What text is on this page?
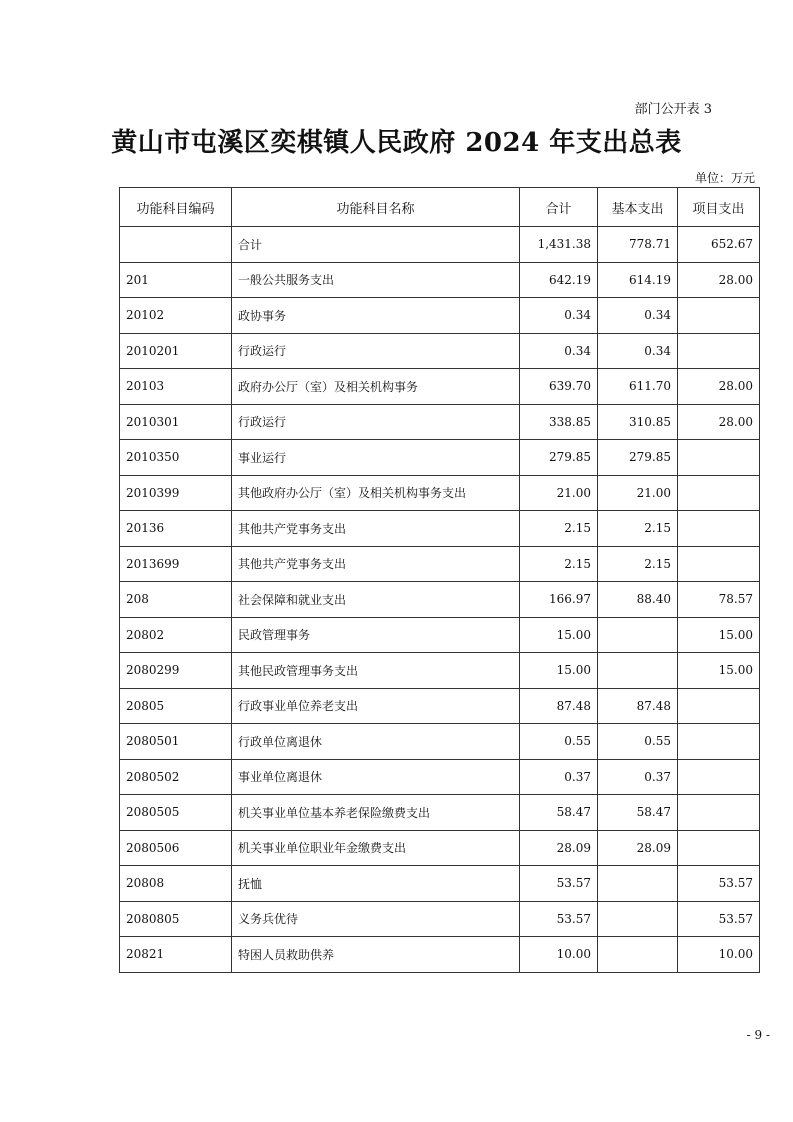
部门公开表 3
黄山市屯溪区奕棋镇人民政府 2024 年支出总表
单位：万元
功能科目编码	功能科目名称	合计	基本支出	项目支出
	合计	1,431.38	778.71	652.67
201	一般公共服务支出	642.19	614.19	28.00
20102	政协事务	0.34	0.34	
2010201	行政运行	0.34	0.34	
20103	政府办公厅（室）及相关机构事务	639.70	611.70	28.00
2010301	行政运行	338.85	310.85	28.00
2010350	事业运行	279.85	279.85	
2010399	其他政府办公厅（室）及相关机构事务支出	21.00	21.00	
20136	其他共产党事务支出	2.15	2.15	
2013699	其他共产党事务支出	2.15	2.15	
208	社会保障和就业支出	166.97	88.40	78.57
20802	民政管理事务	15.00		15.00
2080299	其他民政管理事务支出	15.00		15.00
20805	行政事业单位养老支出	87.48	87.48	
2080501	行政单位离退休	0.55	0.55	
2080502	事业单位离退休	0.37	0.37	
2080505	机关事业单位基本养老保险缴费支出	58.47	58.47	
2080506	机关事业单位职业年金缴费支出	28.09	28.09	
20808	抚恤	53.57		53.57
2080805	义务兵优待	53.57		53.57
20821	特困人员救助供养	10.00		10.00
- 9 -
